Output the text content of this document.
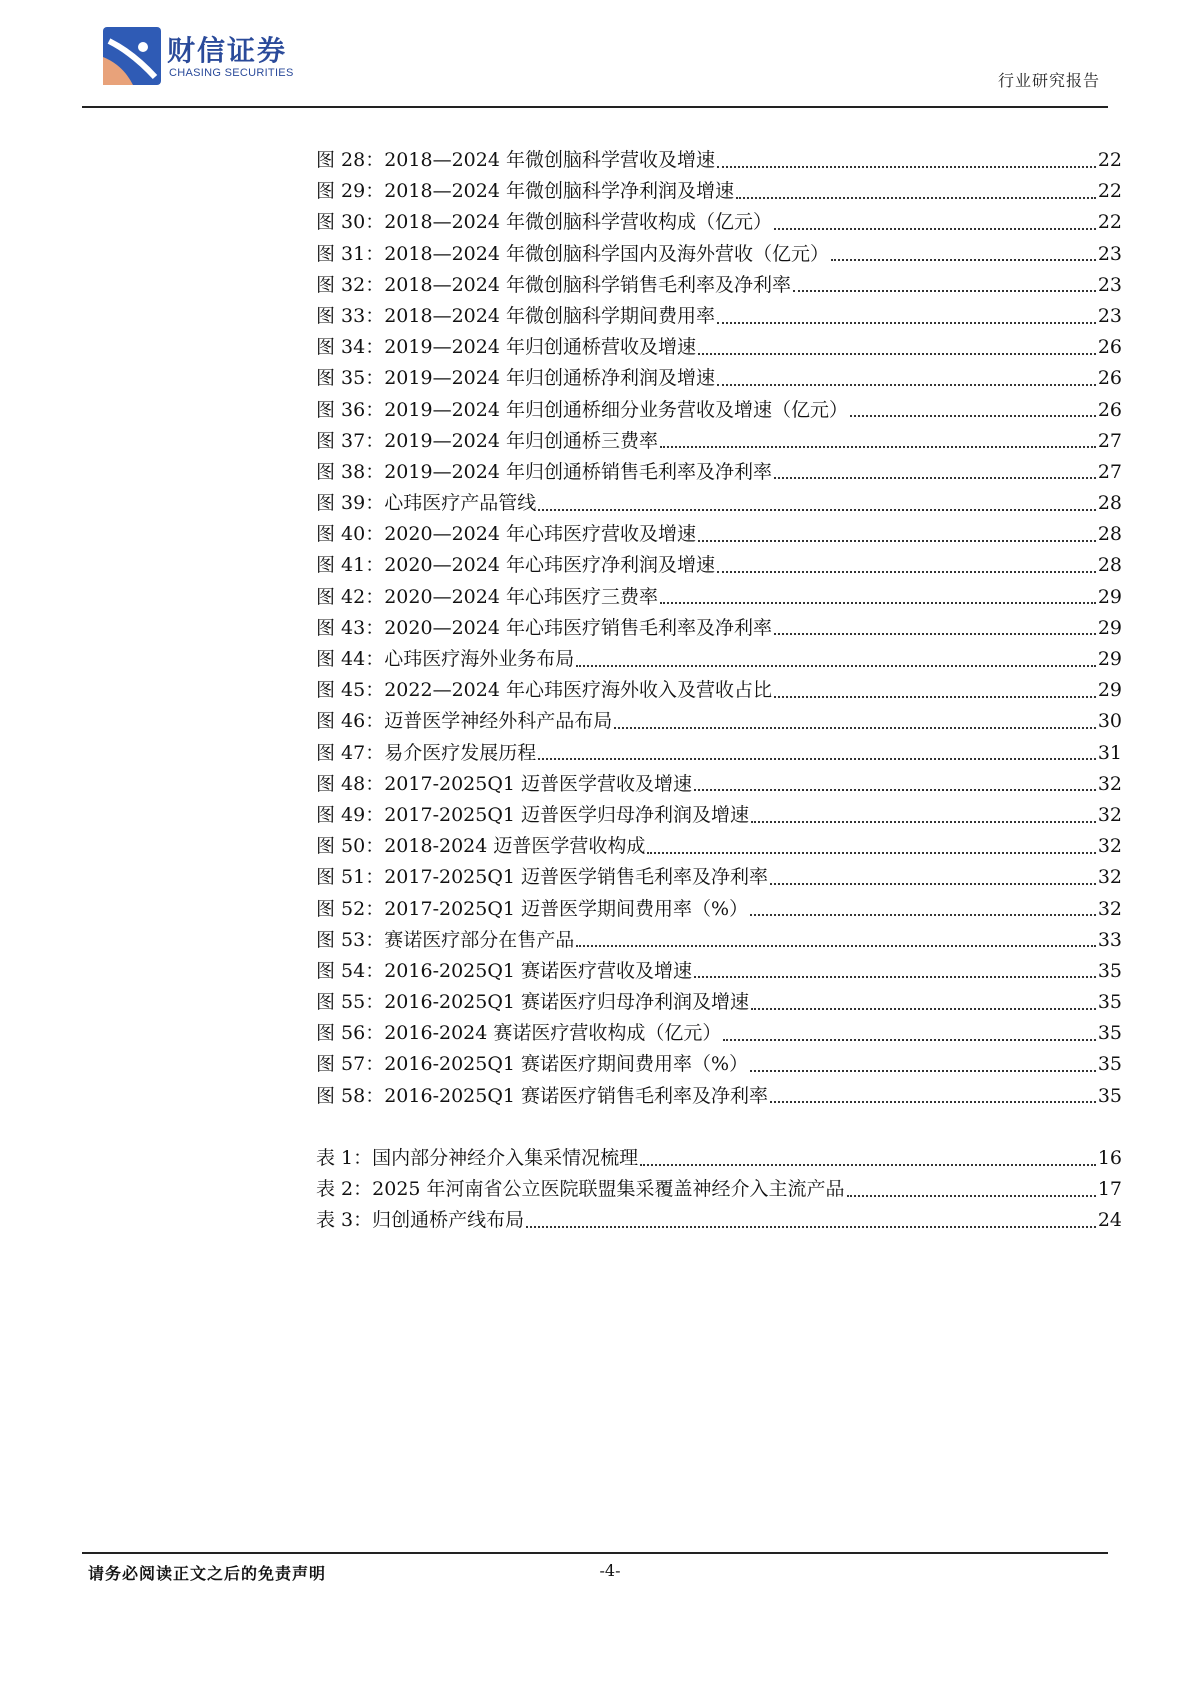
财信证券
CHASING SECURITIES	行业研究报告
图 28： 2018—2024 年微创脑科学营收及增速	22
图 29： 2018—2024 年微创脑科学净利润及增速	22
图 30： 2018—2024 年微创脑科学营收构成（亿元）	22
图 31： 2018—2024 年微创脑科学国内及海外营收（亿元）	23
图 32： 2018—2024 年微创脑科学销售毛利率及净利率	23
图 33： 2018—2024 年微创脑科学期间费用率	23
图 34： 2019—2024 年归创通桥营收及增速	26
图 35： 2019—2024 年归创通桥净利润及增速	26
图 36： 2019—2024 年归创通桥细分业务营收及增速（亿元）	26
图 37： 2019—2024 年归创通桥三费率	27
图 38： 2019—2024 年归创通桥销售毛利率及净利率	27
图 39： 心玮医疗产品管线	28
图 40： 2020—2024 年心玮医疗营收及增速	28
图 41： 2020—2024 年心玮医疗净利润及增速	28
图 42： 2020—2024 年心玮医疗三费率	29
图 43： 2020—2024 年心玮医疗销售毛利率及净利率	29
图 44： 心玮医疗海外业务布局	29
图 45： 2022—2024 年心玮医疗海外收入及营收占比	29
图 46： 迈普医学神经外科产品布局	30
图 47： 易介医疗发展历程	31
图 48： 2017-2025Q1 迈普医学营收及增速	32
图 49： 2017-2025Q1 迈普医学归母净利润及增速	32
图 50： 2018-2024 迈普医学营收构成	32
图 51： 2017-2025Q1 迈普医学销售毛利率及净利率	32
图 52： 2017-2025Q1 迈普医学期间费用率（%）	32
图 53： 赛诺医疗部分在售产品	33
图 54： 2016-2025Q1 赛诺医疗营收及增速	35
图 55： 2016-2025Q1 赛诺医疗归母净利润及增速	35
图 56： 2016-2024 赛诺医疗营收构成（亿元）	35
图 57： 2016-2025Q1 赛诺医疗期间费用率（%）	35
图 58： 2016-2025Q1 赛诺医疗销售毛利率及净利率	35
表 1： 国内部分神经介入集采情况梳理	16
表 2： 2025 年河南省公立医院联盟集采覆盖神经介入主流产品	17
表 3： 归创通桥产线布局	24
请务必阅读正文之后的免责声明	-4-
